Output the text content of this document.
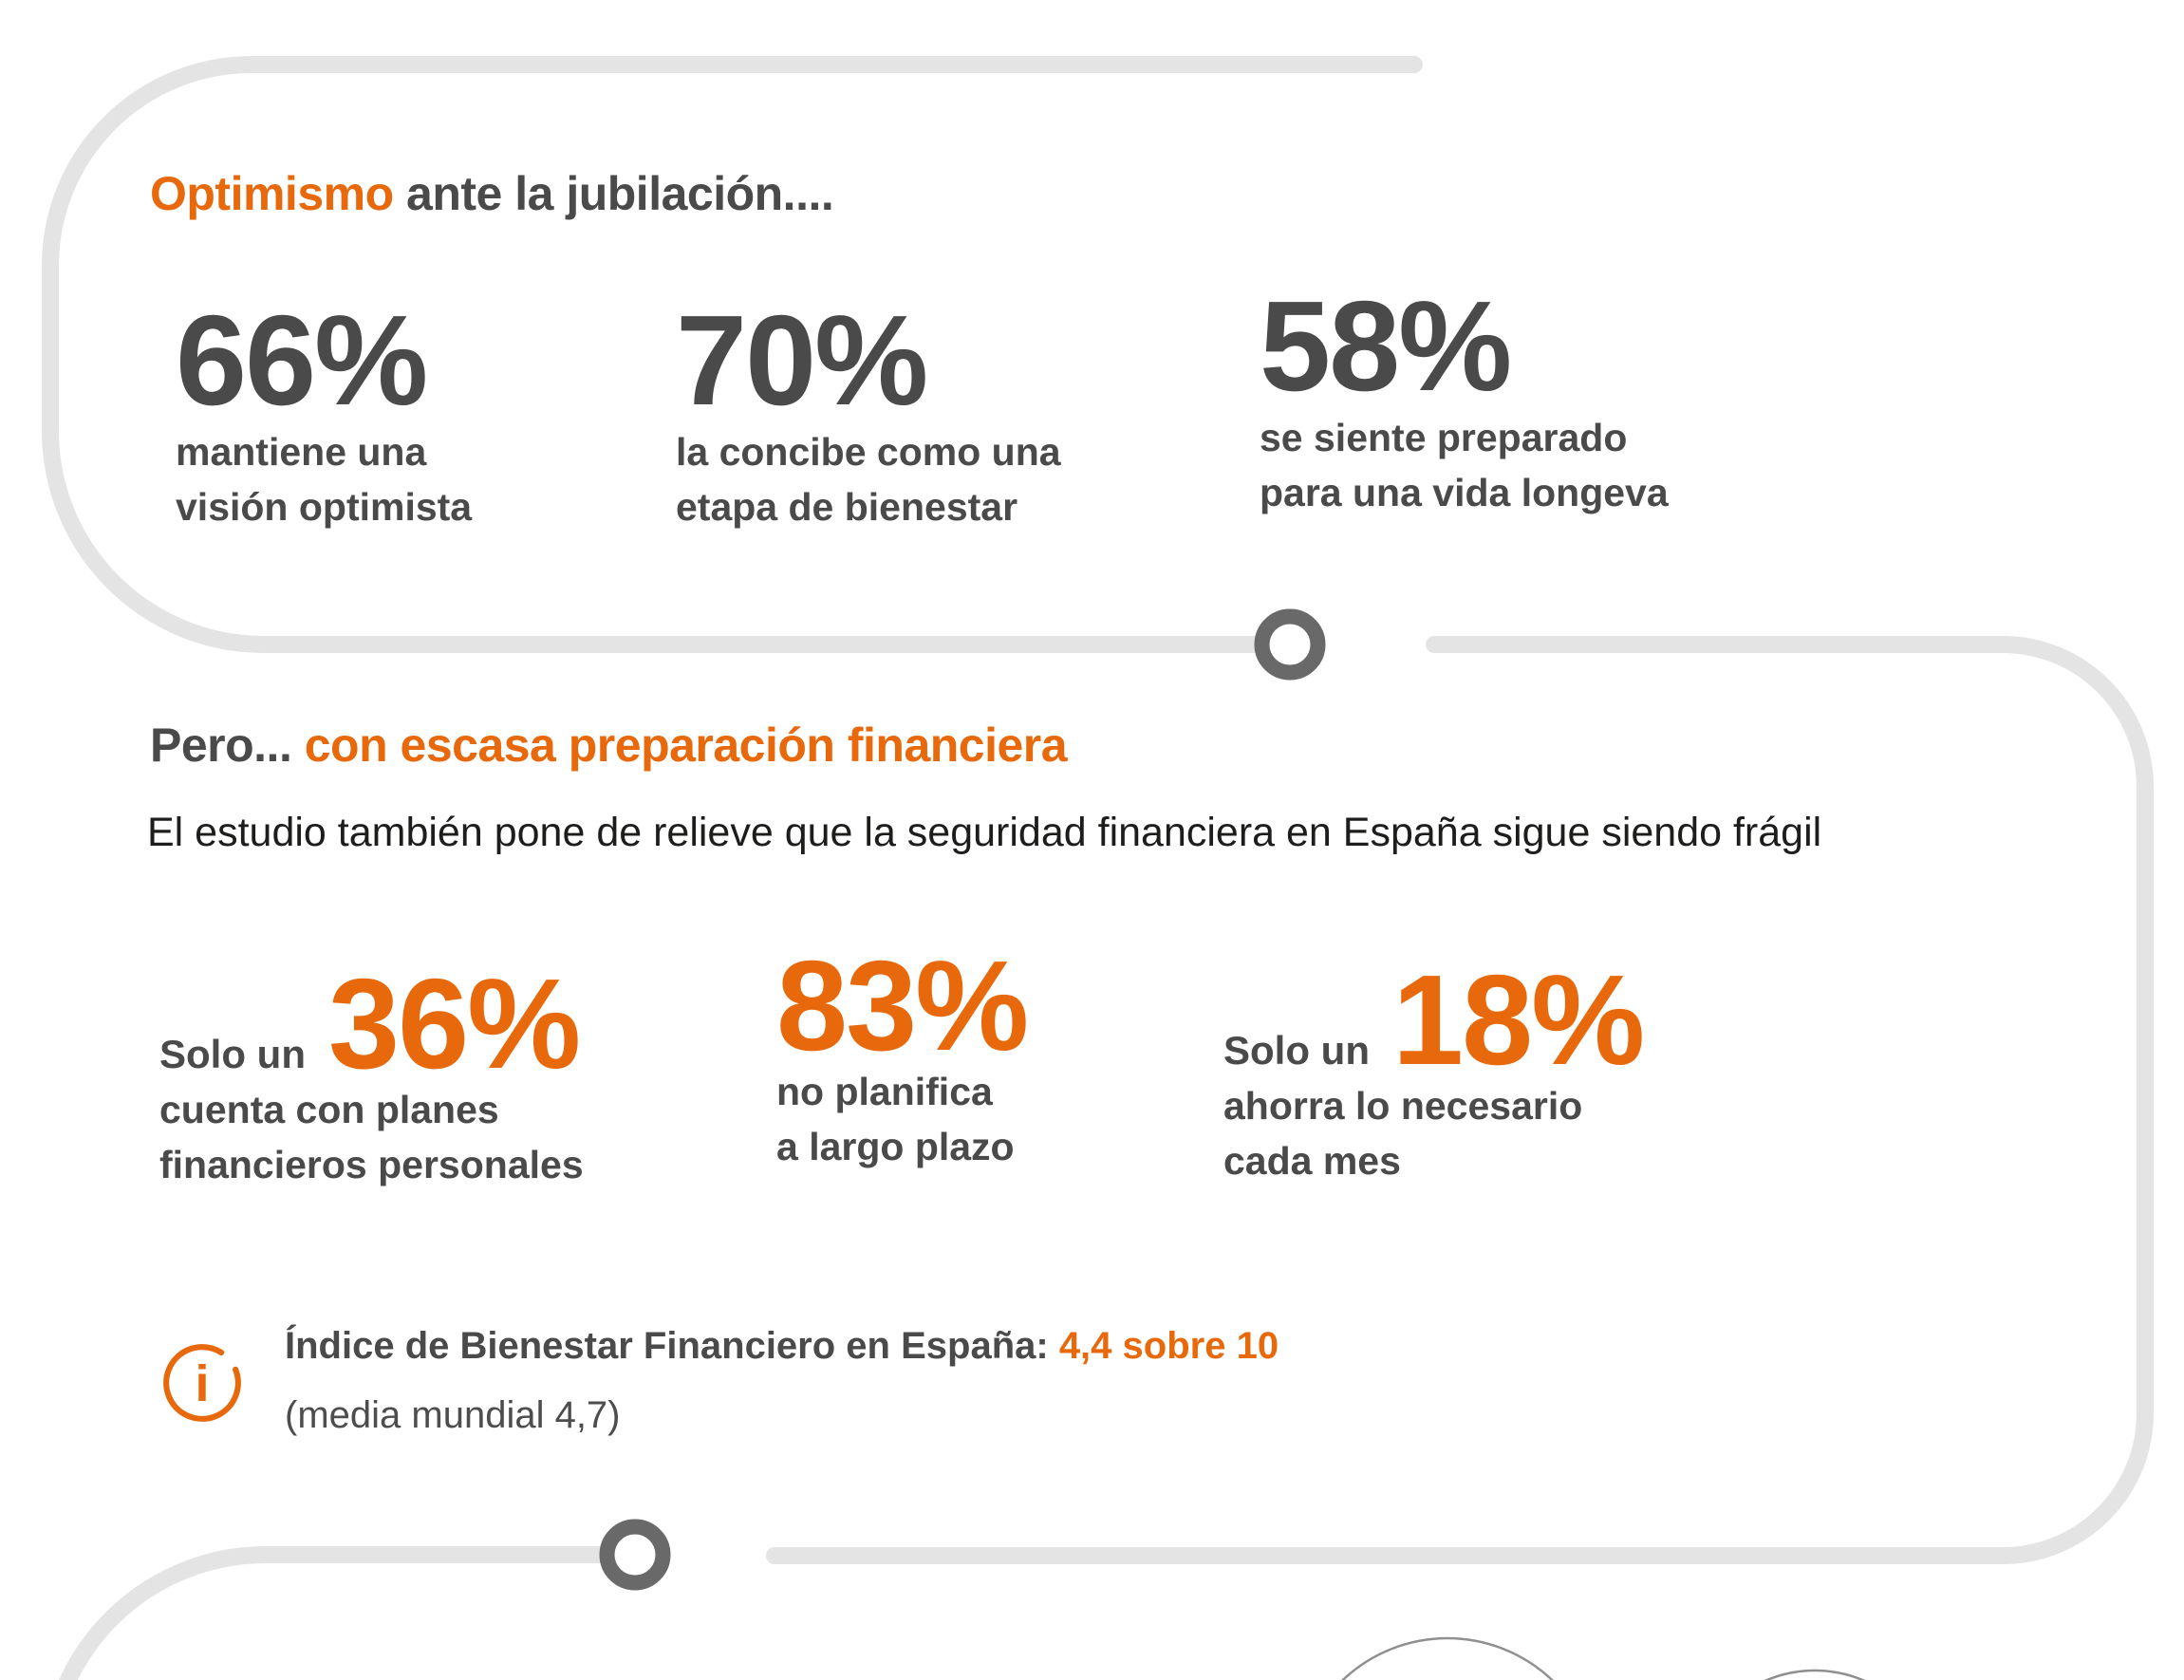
Optimismo ante la jubilación....
66%
mantiene una
visión optimista
70%
la concibe como una
etapa de bienestar
58%
se siente preparado
para una vida longeva
Pero... con escasa preparación financiera
El estudio también pone de relieve que la seguridad financiera en España sigue siendo frágil
Solo un 36%
cuenta con planes
financieros personales
83%
no planifica
a largo plazo
Solo un 18%
ahorra lo necesario
cada mes
i
Índice de Bienestar Financiero en España: 4,4 sobre 10
(media mundial 4,7)
